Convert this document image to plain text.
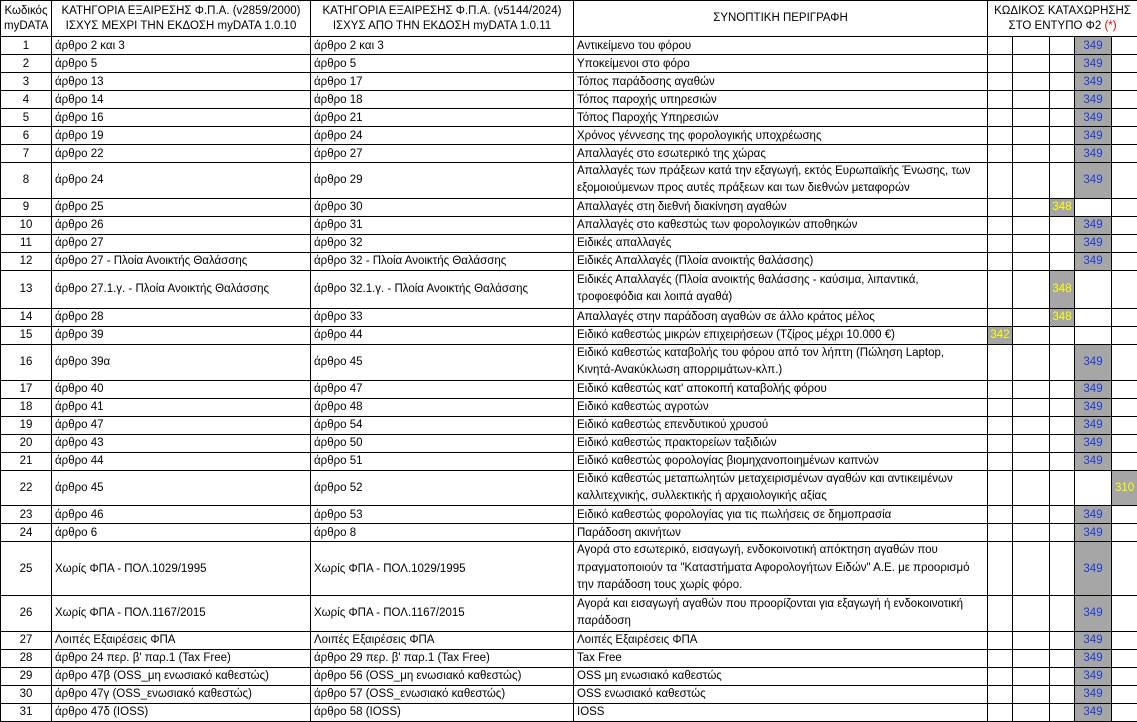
Κωδικός
myDATA	ΚΑΤΗΓΟΡΙΑ ΕΞΑΙΡΕΣΗΣ Φ.Π.Α. (v2859/2000)
ΙΣΧΥΣ ΜΕΧΡΙ ΤΗΝ ΕΚΔΟΣΗ myDATA 1.0.10	ΚΑΤΗΓΟΡΙΑ ΕΞΑΙΡΕΣΗΣ Φ.Π.Α. (v5144/2024)
ΙΣΧΥΣ ΑΠΟ ΤΗΝ ΕΚΔΟΣΗ myDATA 1.0.11	ΣΥΝΟΠΤΙΚΗ ΠΕΡΙΓΡΑΦΗ	ΚΩΔΙΚΟΣ ΚΑΤΑΧΩΡΗΣΗΣ
ΣΤΟ ΕΝΤΥΠΟ Φ2 (*)				
1	άρθρο 2 και 3	άρθρο 2 και 3	Αντικείμενο του φόρου				349	
2	άρθρο 5	άρθρο 5	Υποκείμενοι στο φόρο				349	
3	άρθρο 13	άρθρο 17	Τόπος παράδοσης αγαθών				349	
4	άρθρο 14	άρθρο 18	Τόπος παροχής υπηρεσιών				349	
5	άρθρο 16	άρθρο 21	Τόπος Παροχής Υπηρεσιών				349	
6	άρθρο 19	άρθρο 24	Χρόνος γέννεσης της φορολογικής υποχρέωσης				349	
7	άρθρο 22	άρθρο 27	Απαλλαγές στο εσωτερικό της χώρας				349	
8	άρθρο 24	άρθρο 29	Απαλλαγές των πράξεων κατά την εξαγωγή, εκτός Ευρωπαϊκής Ένωσης, των εξομοιούμενων προς αυτές πράξεων και των διεθνών μεταφορών				349	
9	άρθρο 25	άρθρο 30	Απαλλαγές στη διεθνή διακίνηση αγαθών			348		
10	άρθρο 26	άρθρο 31	Απαλλαγές στο καθεστώς των φορολογικών αποθηκών				349	
11	άρθρο 27	άρθρο 32	Ειδικές απαλλαγές				349	
12	άρθρο 27 - Πλοία Ανοικτής Θαλάσσης	άρθρο 32 - Πλοία Ανοικτής Θαλάσσης	Ειδικές Απαλλαγές (Πλοία ανοικτής θαλάσσης)				349	
13	άρθρο 27.1.γ. - Πλοία Ανοικτής Θαλάσσης	άρθρο 32.1.γ. - Πλοία Ανοικτής Θαλάσσης	Ειδικές Απαλλαγές (Πλοία ανοικτής θαλάσσης - καύσιμα, λιπαντικά, τροφοεφόδια και λοιπά αγαθά)			348		
14	άρθρο 28	άρθρο 33	Απαλλαγές στην παράδοση αγαθών σε άλλο κράτος μέλος			348		
15	άρθρο 39	άρθρο 44	Ειδικό καθεστώς μικρών επιχειρήσεων (Τζίρος μέχρι 10.000 €)	342				
16	άρθρο 39α	άρθρο 45	Ειδικό καθεστώς καταβολής του φόρου από τον λήπτη (Πώληση Laptop, Κινητά-Ανακύκλωση απορριμάτων-κλπ.)				349	
17	άρθρο 40	άρθρο 47	Ειδικό καθεστώς κατ' αποκοπή καταβολής φόρου				349	
18	άρθρο 41	άρθρο 48	Ειδικό καθεστώς αγροτών				349	
19	άρθρο 47	άρθρο 54	Ειδικό καθεστώς επενδυτικού χρυσού				349	
20	άρθρο 43	άρθρο 50	Ειδικό καθεστώς πρακτορείων ταξιδιών				349	
21	άρθρο 44	άρθρο 51	Ειδικό καθεστώς φορολογίας βιομηχανοποιημένων καπνών				349	
22	άρθρο 45	άρθρο 52	Ειδικό καθεστώς μεταπωλητών μεταχειρισμένων αγαθών και αντικειμένων καλλιτεχνικής, συλλεκτικής ή αρχαιολογικής αξίας					310
23	άρθρο 46	άρθρο 53	Ειδικό καθεστώς φορολογίας για τις πωλήσεις σε δημοπρασία				349	
24	άρθρο 6	άρθρο 8	Παράδοση ακινήτων				349	
25	Χωρίς ΦΠΑ - ΠΟΛ.1029/1995	Χωρίς ΦΠΑ - ΠΟΛ.1029/1995	Αγορά στο εσωτερικό, εισαγωγή, ενδοκοινοτική απόκτηση αγαθών που πραγματοποιούν τα "Καταστήματα Αφορολογήτων Ειδών" Α.Ε. με προορισμό την παράδοση τους χωρίς φόρο.				349	
26	Χωρίς ΦΠΑ - ΠΟΛ.1167/2015	Χωρίς ΦΠΑ - ΠΟΛ.1167/2015	Αγορά και εισαγωγή αγαθών που προορίζονται για εξαγωγή ή ενδοκοινοτική παράδοση				349	
27	Λοιπές Εξαιρέσεις ΦΠΑ	Λοιπές Εξαιρέσεις ΦΠΑ	Λοιπές Εξαιρέσεις ΦΠΑ				349	
28	άρθρο 24 περ. β' παρ.1 (Tax Free)	άρθρο 29 περ. β' παρ.1 (Tax Free)	Tax Free				349	
29	άρθρο 47β (OSS_μη ενωσιακό καθεστώς)	άρθρο 56 (OSS_μη ενωσιακό καθεστώς)	OSS μη ενωσιακό καθεστώς				349	
30	άρθρο 47γ (OSS_ενωσιακό καθεστώς)	άρθρο 57 (OSS_ενωσιακό καθεστώς)	OSS ενωσιακό καθεστώς				349	
31	άρθρο 47δ (IOSS)	άρθρο 58 (IOSS)	IOSS				349	
